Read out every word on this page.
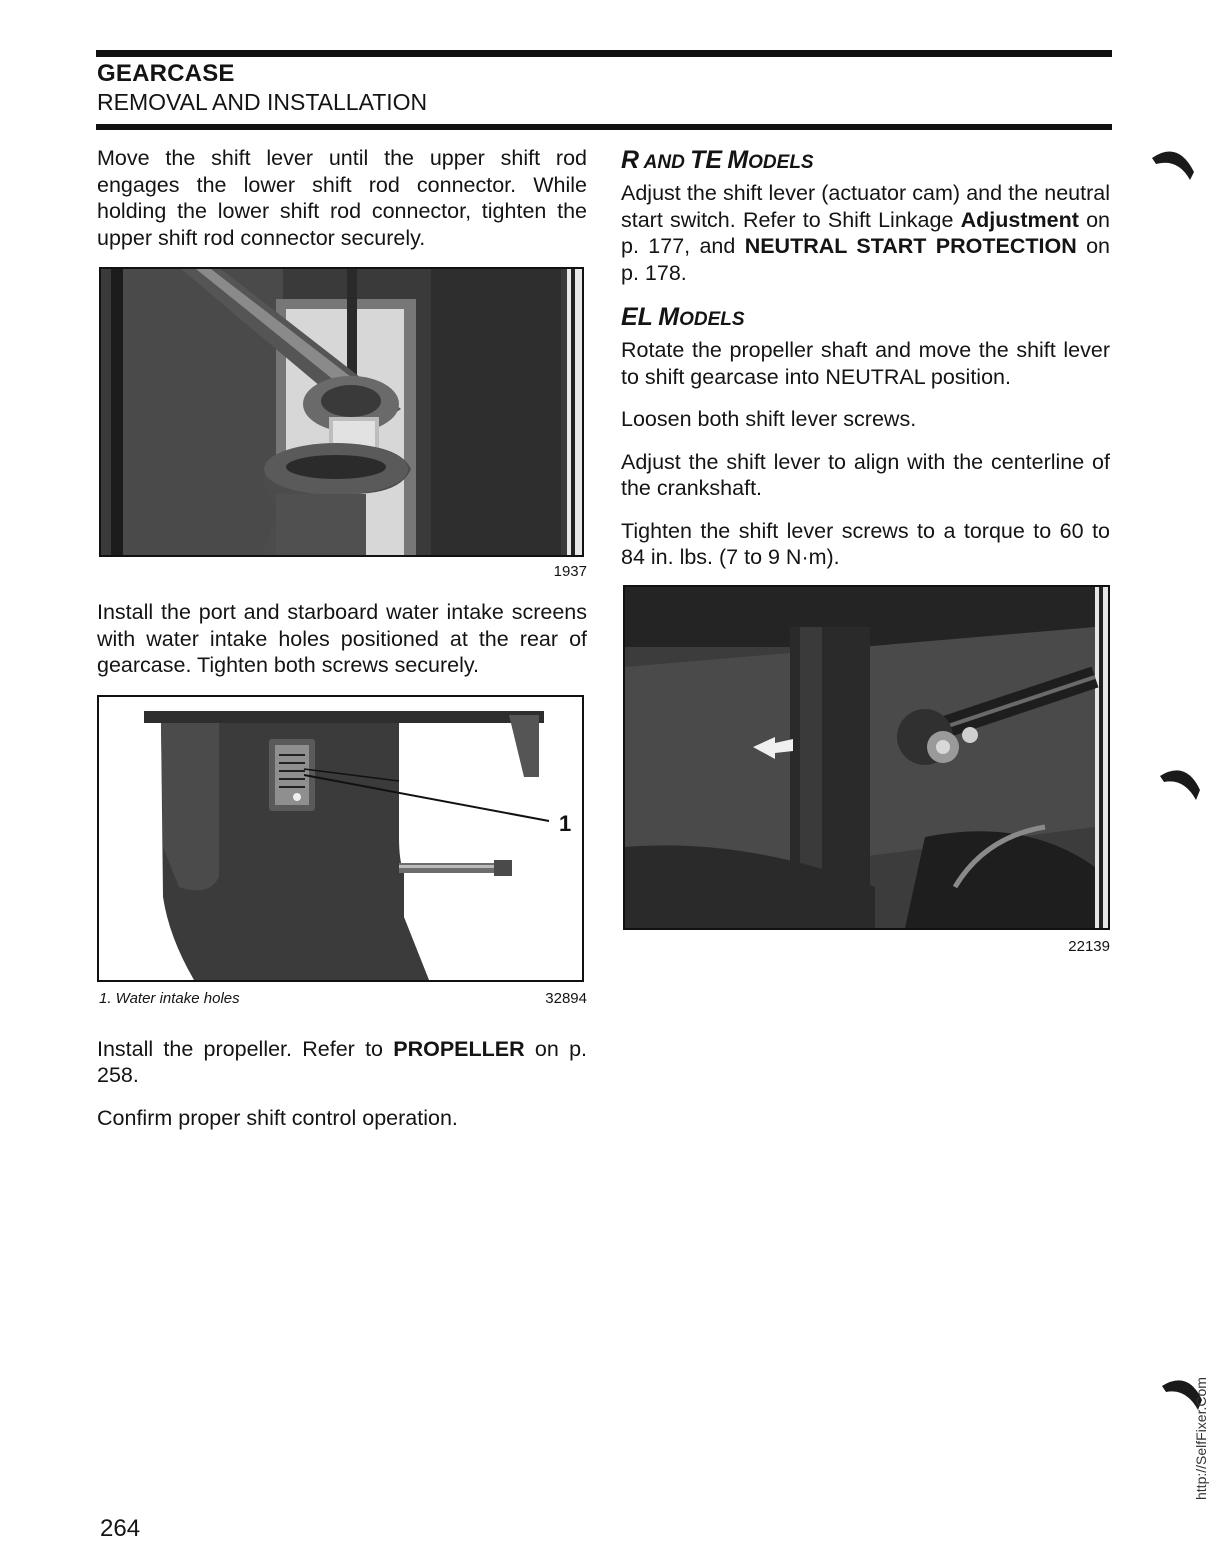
GEARCASE
REMOVAL AND INSTALLATION

Move the shift lever until the upper shift rod engages the lower shift rod connector. While holding the lower shift rod connector, tighten the upper shift rod connector securely.

1937

Install the port and starboard water intake screens with water intake holes positioned at the rear of gearcase. Tighten both screws securely.

1
1. Water intake holes	32894

Install the propeller. Refer to PROPELLER on p. 258.

Confirm proper shift control operation.

R AND TE MODELS

Adjust the shift lever (actuator cam) and the neutral start switch. Refer to Shift Linkage Adjustment on p. 177, and NEUTRAL START PROTECTION on p. 178.

EL MODELS

Rotate the propeller shaft and move the shift lever to shift gearcase into NEUTRAL position.

Loosen both shift lever screws.

Adjust the shift lever to align with the centerline of the crankshaft.

Tighten the shift lever screws to a torque to 60 to 84 in. lbs. (7 to 9 N·m).

22139
264
http://SelfFixer.Com
